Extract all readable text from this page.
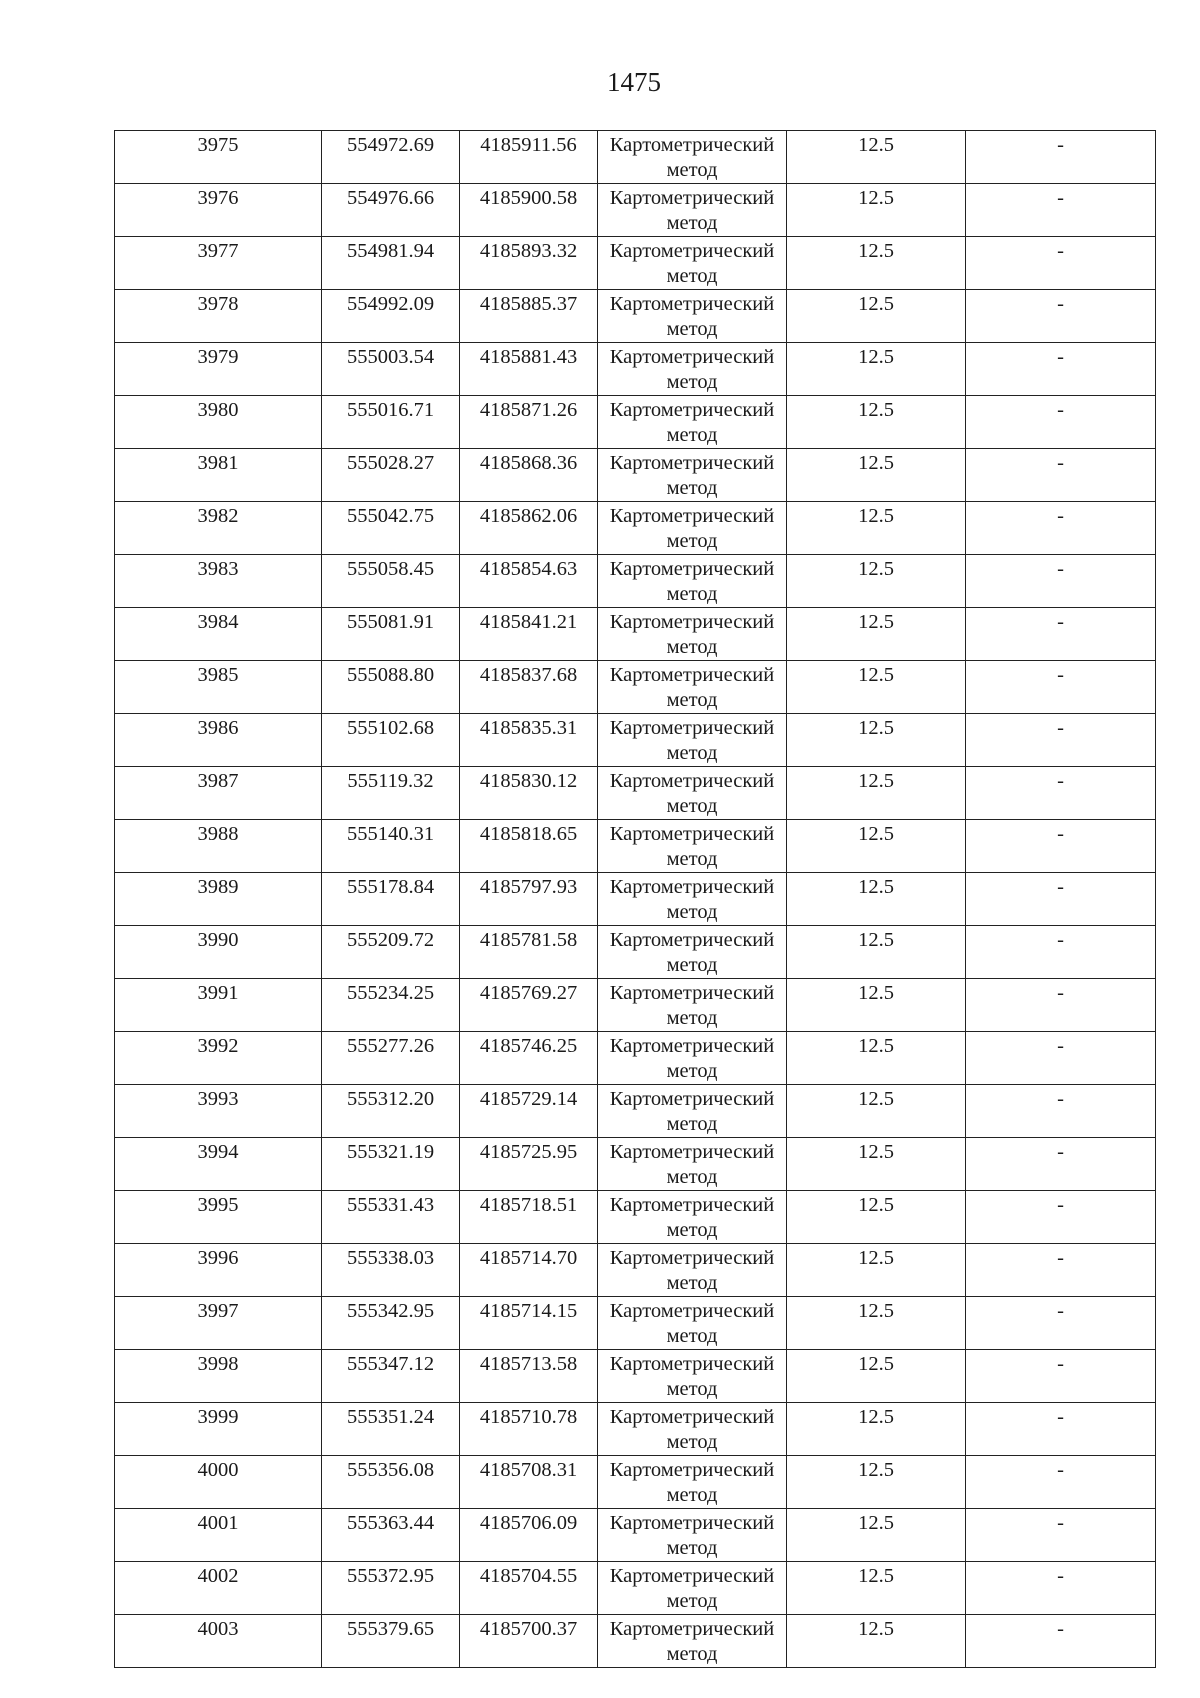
1475
3975	554972.69	4185911.56	Картометрический метод	12.5	-
3976	554976.66	4185900.58	Картометрический метод	12.5	-
3977	554981.94	4185893.32	Картометрический метод	12.5	-
3978	554992.09	4185885.37	Картометрический метод	12.5	-
3979	555003.54	4185881.43	Картометрический метод	12.5	-
3980	555016.71	4185871.26	Картометрический метод	12.5	-
3981	555028.27	4185868.36	Картометрический метод	12.5	-
3982	555042.75	4185862.06	Картометрический метод	12.5	-
3983	555058.45	4185854.63	Картометрический метод	12.5	-
3984	555081.91	4185841.21	Картометрический метод	12.5	-
3985	555088.80	4185837.68	Картометрический метод	12.5	-
3986	555102.68	4185835.31	Картометрический метод	12.5	-
3987	555119.32	4185830.12	Картометрический метод	12.5	-
3988	555140.31	4185818.65	Картометрический метод	12.5	-
3989	555178.84	4185797.93	Картометрический метод	12.5	-
3990	555209.72	4185781.58	Картометрический метод	12.5	-
3991	555234.25	4185769.27	Картометрический метод	12.5	-
3992	555277.26	4185746.25	Картометрический метод	12.5	-
3993	555312.20	4185729.14	Картометрический метод	12.5	-
3994	555321.19	4185725.95	Картометрический метод	12.5	-
3995	555331.43	4185718.51	Картометрический метод	12.5	-
3996	555338.03	4185714.70	Картометрический метод	12.5	-
3997	555342.95	4185714.15	Картометрический метод	12.5	-
3998	555347.12	4185713.58	Картометрический метод	12.5	-
3999	555351.24	4185710.78	Картометрический метод	12.5	-
4000	555356.08	4185708.31	Картометрический метод	12.5	-
4001	555363.44	4185706.09	Картометрический метод	12.5	-
4002	555372.95	4185704.55	Картометрический метод	12.5	-
4003	555379.65	4185700.37	Картометрический метод	12.5	-
